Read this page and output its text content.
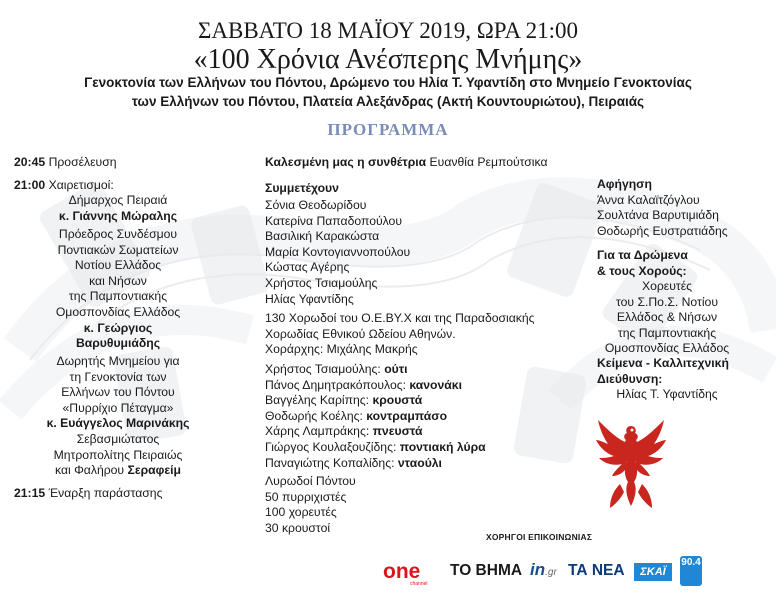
ΣΑΒΒΑΤΟ 18 ΜΑΪΟΥ 2019, ΩΡΑ 21:00
«100 Χρόνια Ανέσπερης Μνήμης»
Γενοκτονία των Ελλήνων του Πόντου, Δρώμενο του Ηλία Τ. Υφαντίδη στο Μνημείο Γενοκτονίας
των Ελλήνων του Πόντου, Πλατεία Αλεξάνδρας (Ακτή Κουντουριώτου), Πειραιάς
ΠΡΟΓΡΑΜΜΑ
20:45 Προσέλευση
21:00 Χαιρετισμοί:
Δήμαρχος Πειραιά
κ. Γιάννης Μώραλης
Πρόεδρος Συνδέσμου
Ποντιακών Σωματείων
Νοτίου Ελλάδος
και Νήσων
της Παμποντιακής
Ομοσπονδίας Ελλάδος
κ. Γεώργιος
Βαρυθυμιάδης
Δωρητής Μνημείου για
τη Γενοκτονία των
Ελλήνων του Πόντου
«Πυρρίχιο Πέταγμα»
κ. Ευάγγελος Μαρινάκης
Σεβασμιώτατος
Μητροπολίτης Πειραιώς
και Φαλήρου Σεραφείμ
21:15 Έναρξη παράστασης
Καλεσμένη μας η συνθέτρια Ευανθία Ρεμπούτσικα
Συμμετέχουν
Σόνια Θεοδωρίδου
Κατερίνα Παπαδοπούλου
Βασιλική Καρακώστα
Μαρία Κοντογιαννοπούλου
Κώστας Αγέρης
Χρήστος Τσιαμούλης
Ηλίας Υφαντίδης
130 Χορωδοί του Ο.Ε.ΒΥ.Χ και της Παραδοσιακής
Χορωδίας Εθνικού Ωδείου Αθηνών.
Χοράρχης: Μιχάλης Μακρής
Χρήστος Τσιαμούλης: ούτι
Πάνος Δημητρακόπουλος: κανονάκι
Βαγγέλης Καρίπης: κρουστά
Θοδωρής Κοέλης: κοντραμπάσο
Χάρης Λαμπράκης: πνευστά
Γιώργος Κουλαξουζίδης: ποντιακή λύρα
Παναγιώτης Κοπαλίδης: νταούλι
Λυρωδοί Πόντου
50 πυρριχιστές
100 χορευτές
30 κρουστοί
Αφήγηση
Άννα Καλαϊτζόγλου
Σουλτάνα Βαρυτιμιάδη
Θοδωρής Ευστρατιάδης
Για τα Δρώμενα
& τους Χορούς:
Χορευτές
του Σ.Πο.Σ. Νοτίου
Ελλάδος & Νήσων
της Παμποντιακής
Ομοσπονδίας Ελλάδος
Κείμενα - Καλλιτεχνική
Διεύθυνση:
Ηλίας Τ. Υφαντίδης
ΧΟΡΗΓΟΙ ΕΠΙΚΟΙΝΩΝΙΑΣ
one
channel
ΤΟ ΒΗΜΑ in.gr ΤΑ ΝΕΑ	ΣΚΑΪ
90.4
